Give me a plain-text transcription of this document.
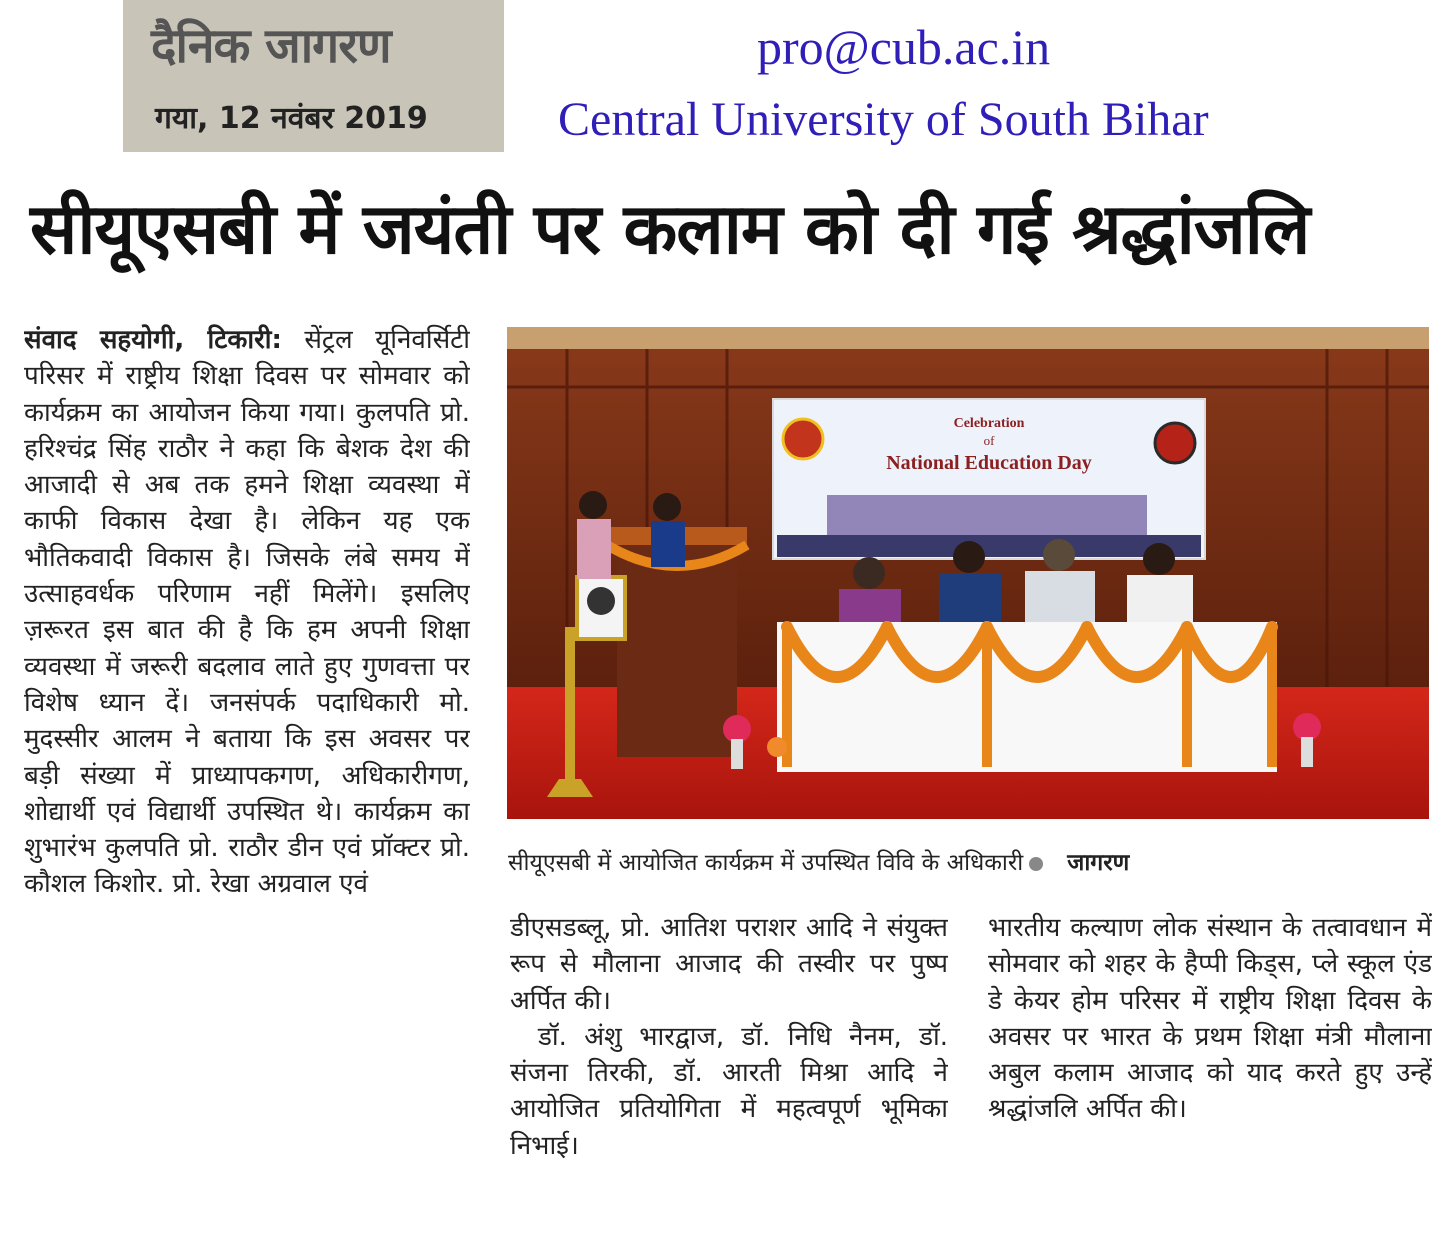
दैनिक जागरण
गया, 12 नवंबर 2019
pro@cub.ac.in
Central University of South Bihar
सीयूएसबी में जयंती पर कलाम को दी गई श्रद्धांजलि

संवाद सहयोगी, टिकारी: सेंट्रल यूनिवर्सिटी परिसर में राष्ट्रीय शिक्षा दिवस पर सोमवार को कार्यक्रम का आयोजन किया गया। कुलपति प्रो. हरिश्चंद्र सिंह राठौर ने कहा कि बेशक देश की आजादी से अब तक हमने शिक्षा व्यवस्था में काफी विकास देखा है। लेकिन यह एक भौतिकवादी विकास है। जिसके लंबे समय में उत्साहवर्धक परिणाम नहीं मिलेंगे। इसलिए ज़रूरत इस बात की है कि हम अपनी शिक्षा व्यवस्था में जरूरी बदलाव लाते हुए गुणवत्ता पर विशेष ध्यान दें। जनसंपर्क पदाधिकारी मो. मुदस्सीर आलम ने बताया कि इस अवसर पर बड़ी संख्या में प्राध्यापकगण, अधिकारीगण, शोद्यार्थी एवं विद्यार्थी उपस्थित थे। कार्यक्रम का शुभारंभ कुलपति प्रो. राठौर डीन एवं प्रॉक्टर प्रो. कौशल किशोर. प्रो. रेखा अग्रवाल एवं

Celebration
of
National Education Day
सीयूएसबी में आयोजित कार्यक्रम में उपस्थित विवि के अधिकारी जागरण

डीएसडब्लू, प्रो. आतिश पराशर आदि ने संयुक्त रूप से मौलाना आजाद की तस्वीर पर पुष्प अर्पित की।

डॉ. अंशु भारद्वाज, डॉ. निधि नैनम, डॉ. संजना तिरकी, डॉ. आरती मिश्रा आदि ने आयोजित प्रतियोगिता में महत्वपूर्ण भूमिका निभाई।

भारतीय कल्याण लोक संस्थान के तत्वावधान में सोमवार को शहर के हैप्पी किड्स, प्ले स्कूल एंड डे केयर होम परिसर में राष्ट्रीय शिक्षा दिवस के अवसर पर भारत के प्रथम शिक्षा मंत्री मौलाना अबुल कलाम आजाद को याद करते हुए उन्हें श्रद्धांजलि अर्पित की।
